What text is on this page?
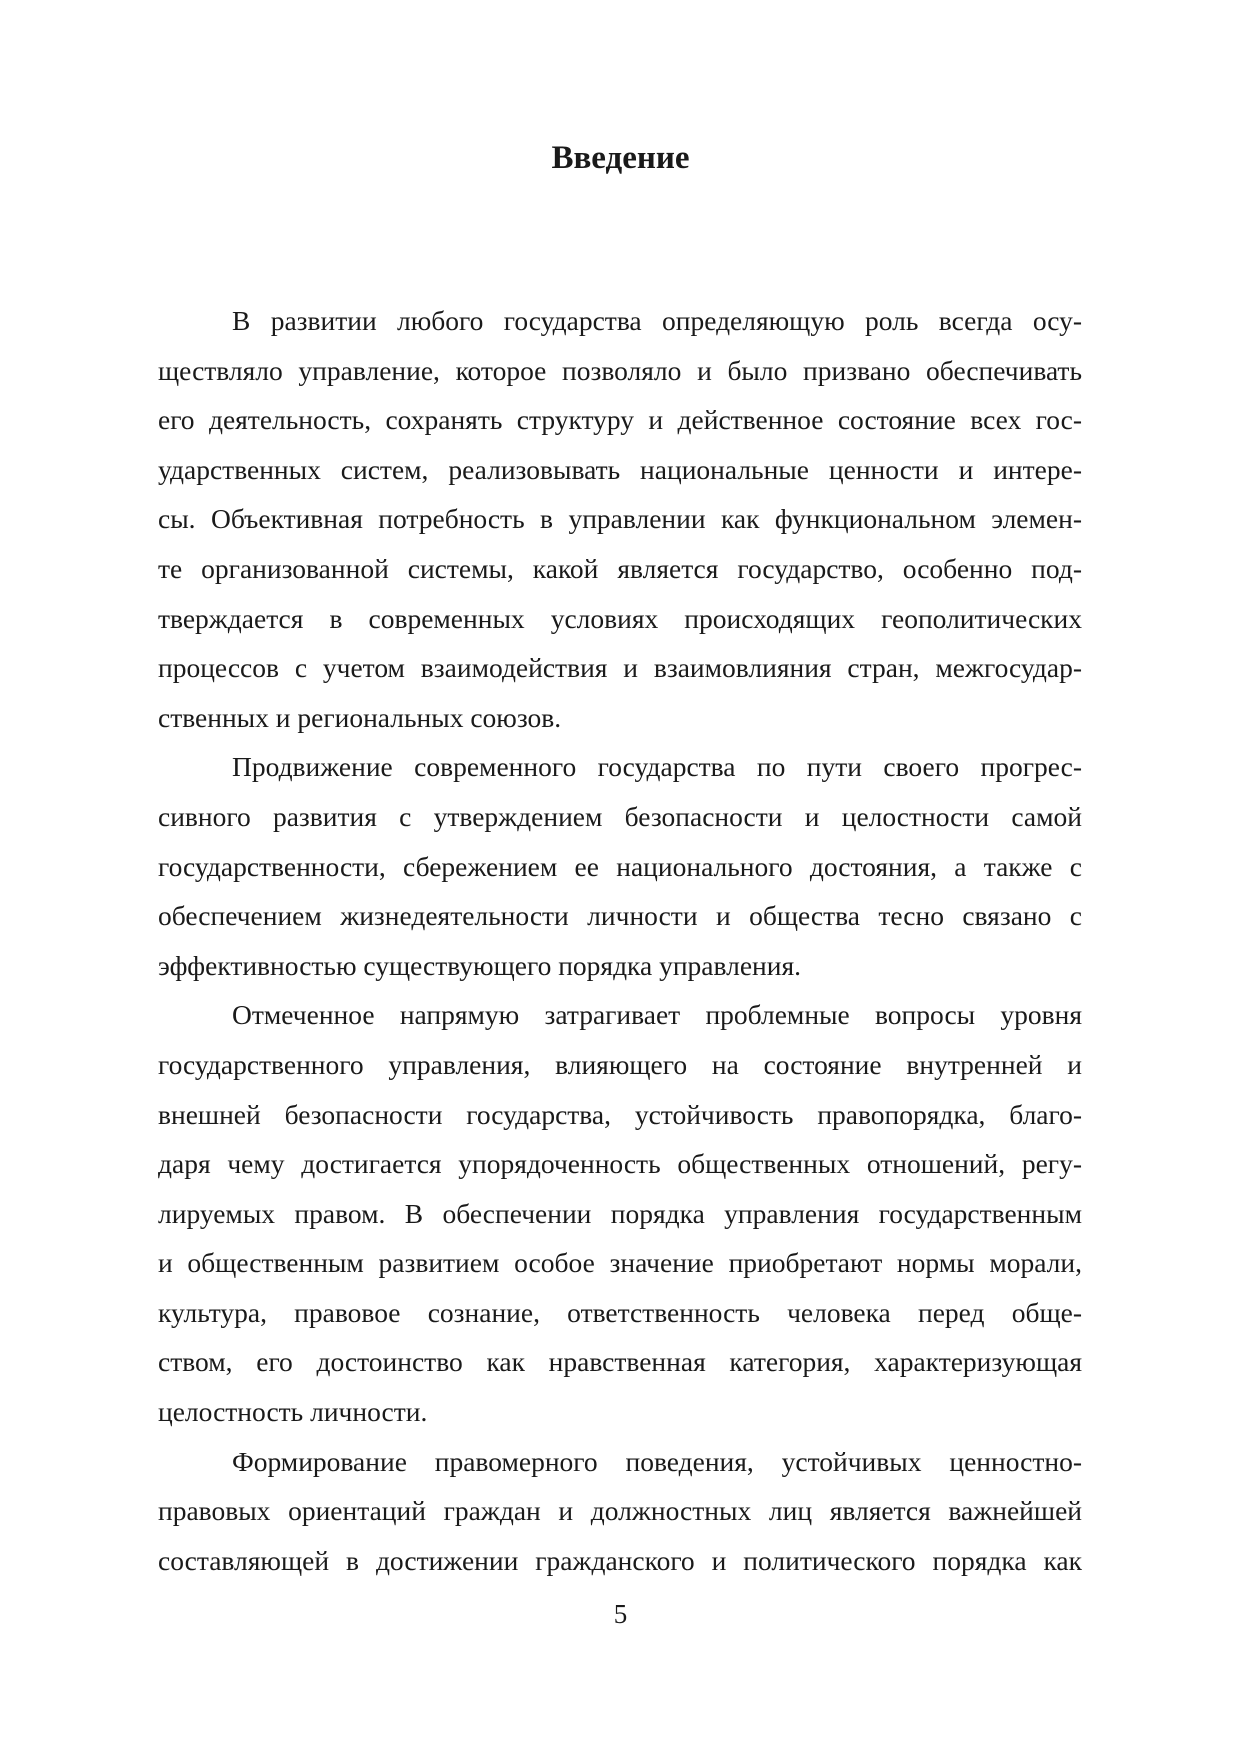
Введение
В развитии любого государства определяющую роль всегда осу-
ществляло управление, которое позволяло и было призвано обеспечивать
его деятельность, сохранять структуру и действенное состояние всех гос-
ударственных систем, реализовывать национальные ценности и интере-
сы. Объективная потребность в управлении как функциональном элемен-
те организованной системы, какой является государство, особенно под-
тверждается в современных условиях происходящих геополитических
процессов с учетом взаимодействия и взаимовлияния стран, межгосудар-
ственных и региональных союзов.
Продвижение современного государства по пути своего прогрес-
сивного развития с утверждением безопасности и целостности самой
государственности, сбережением ее национального достояния, а также с
обеспечением жизнедеятельности личности и общества тесно связано с
эффективностью существующего порядка управления.
Отмеченное напрямую затрагивает проблемные вопросы уровня
государственного управления, влияющего на состояние внутренней и
внешней безопасности государства, устойчивость правопорядка, благо-
даря чему достигается упорядоченность общественных отношений, регу-
лируемых правом. В обеспечении порядка управления государственным
и общественным развитием особое значение приобретают нормы морали,
культура, правовое сознание, ответственность человека перед обще-
ством, его достоинство как нравственная категория, характеризующая
целостность личности.
Формирование правомерного поведения, устойчивых ценностно-
правовых ориентаций граждан и должностных лиц является важнейшей
составляющей в достижении гражданского и политического порядка как
5
